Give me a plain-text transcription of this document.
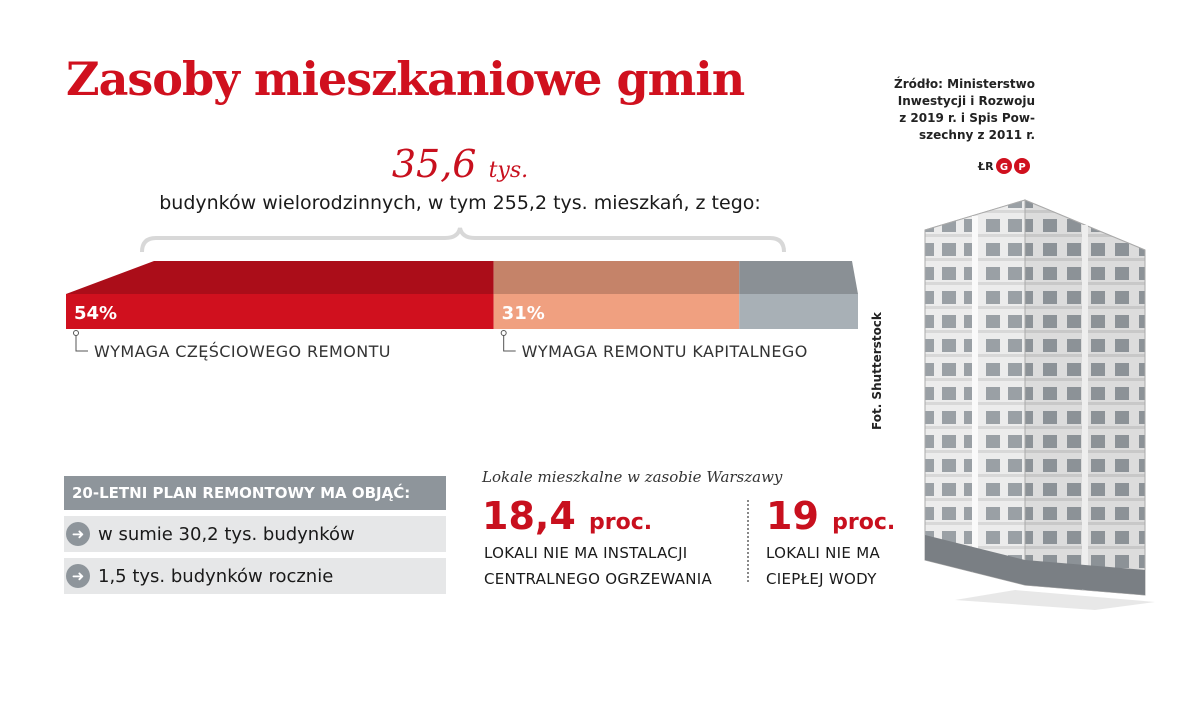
Zasoby mieszkaniowe gmin	Źródło: Ministerstwo
Inwestycji i Rozwoju
z 2019 r. i Spis Pow-
szechny z 2011 r.
ŁR G P
35,6 tys.
budynków wielorodzinnych, w tym 255,2 tys. mieszkań, z tego:
54%
WYMAGA CZĘŚCIOWEGO REMONTU
31%
WYMAGA REMONTU KAPITALNEGO
20-LETNI PLAN REMONTOWY MA OBJĄĆ:
➜ w sumie 30,2 tys. budynków
➜ 1,5 tys. budynków rocznie
Lokale mieszkalne w zasobie Warszawy
18,4 proc.
LOKALI NIE MA INSTALACJI
CENTRALNEGO OGRZEWANIA
19 proc.
LOKALI NIE MA
CIEPŁEJ WODY
Fot. Shutterstock
